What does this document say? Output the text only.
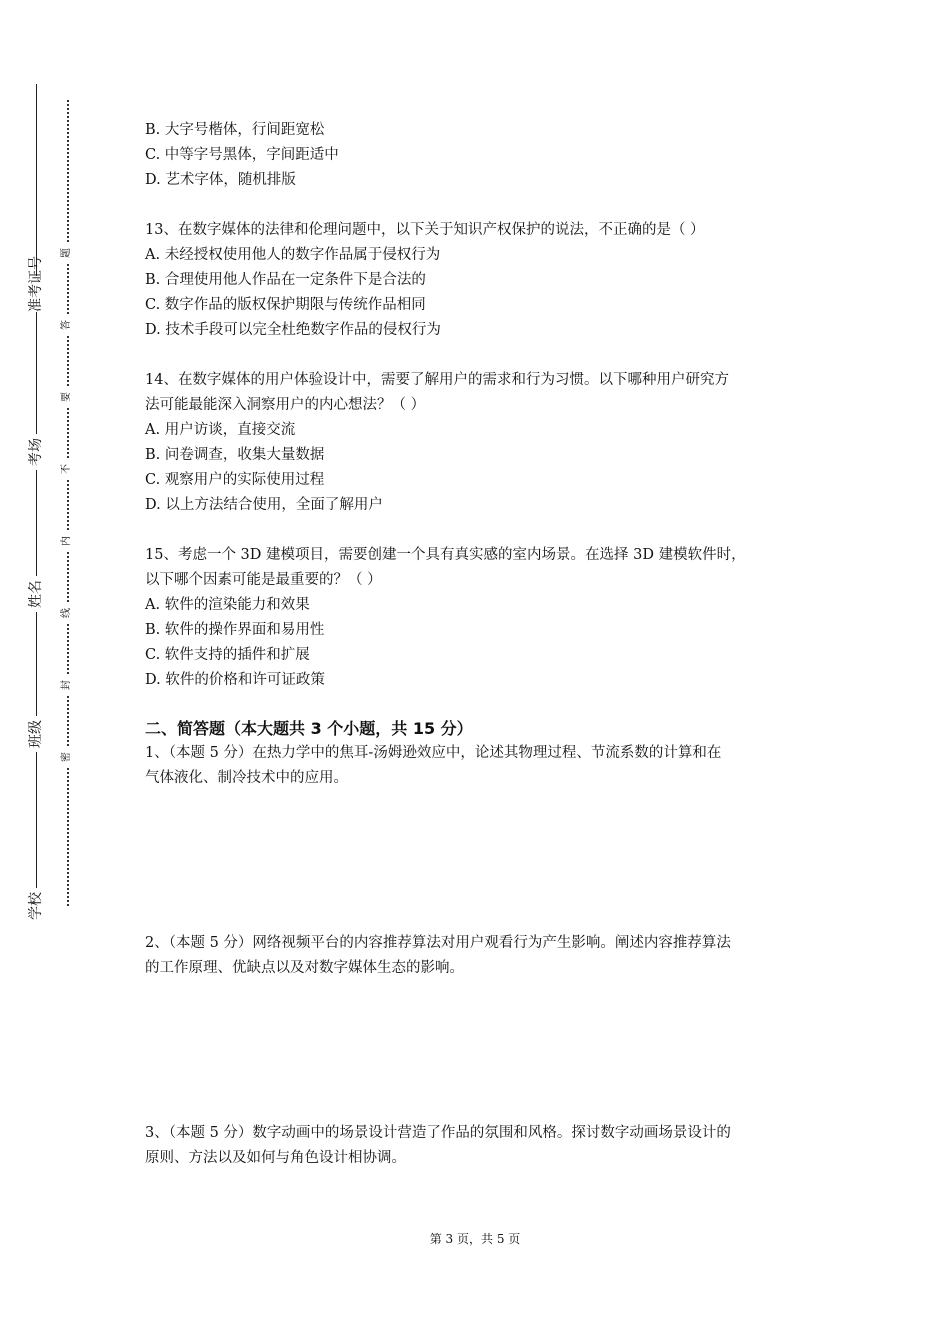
准考证号
考场
姓名
班级
学校
题
答
要
不
内
线
封
密
B. 大字号楷体，行间距宽松
C. 中等字号黑体，字间距适中
D. 艺术字体，随机排版
13、在数字媒体的法律和伦理问题中，以下关于知识产权保护的说法，不正确的是（ ）
A. 未经授权使用他人的数字作品属于侵权行为
B. 合理使用他人作品在一定条件下是合法的
C. 数字作品的版权保护期限与传统作品相同
D. 技术手段可以完全杜绝数字作品的侵权行为
14、在数字媒体的用户体验设计中，需要了解用户的需求和行为习惯。以下哪种用户研究方
法可能最能深入洞察用户的内心想法？（ ）
A. 用户访谈，直接交流
B. 问卷调查，收集大量数据
C. 观察用户的实际使用过程
D. 以上方法结合使用，全面了解用户
15、考虑一个 3D 建模项目，需要创建一个具有真实感的室内场景。在选择 3D 建模软件时，
以下哪个因素可能是最重要的？（ ）
A. 软件的渲染能力和效果
B. 软件的操作界面和易用性
C. 软件支持的插件和扩展
D. 软件的价格和许可证政策
二、简答题（本大题共 3 个小题，共 15 分）
1、（本题 5 分）在热力学中的焦耳-汤姆逊效应中，论述其物理过程、节流系数的计算和在
气体液化、制冷技术中的应用。
2、（本题 5 分）网络视频平台的内容推荐算法对用户观看行为产生影响。阐述内容推荐算法
的工作原理、优缺点以及对数字媒体生态的影响。
3、（本题 5 分）数字动画中的场景设计营造了作品的氛围和风格。探讨数字动画场景设计的
原则、方法以及如何与角色设计相协调。
第 3 页，共 5 页
